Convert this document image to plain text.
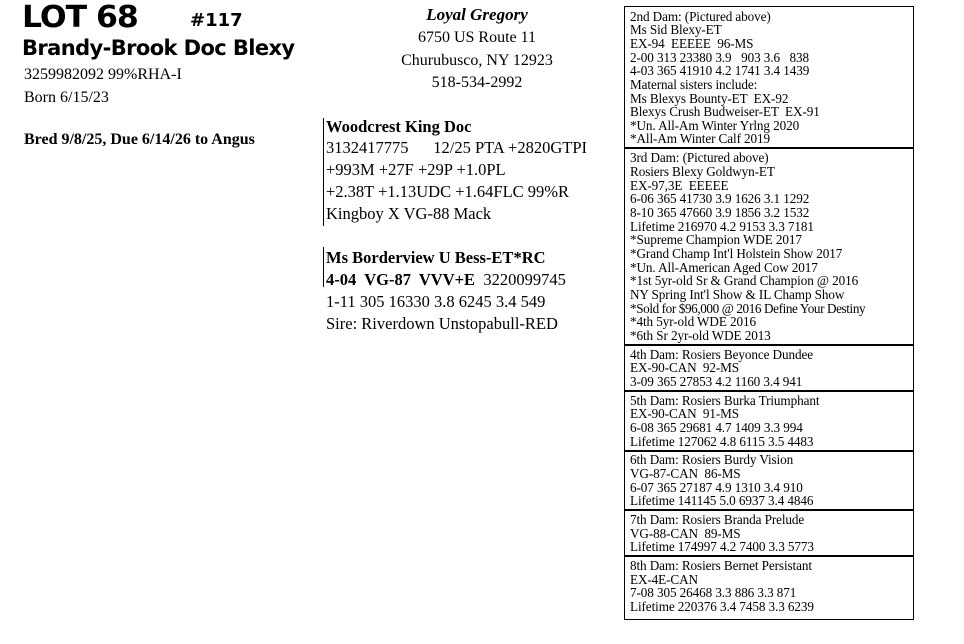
LOT 68	#117
Brandy-Brook Doc Blexy
3259982092 99%RHA-I
Born 6/15/23
Bred 9/8/25, Due 6/14/26 to Angus
Loyal Gregory
6750 US Route 11
Churubusco, NY 12923
518-534-2992
Woodcrest King Doc
3132417775      12/25 PTA +2820GTPI
+993M +27F +29P +1.0PL
+2.38T +1.13UDC +1.64FLC 99%R
Kingboy X VG-88 Mack
Ms Borderview U Bess-ET*RC
4-04  VG-87  VVV+E 3220099745
1-11 305 16330 3.8 6245 3.4 549
Sire: Riverdown Unstopabull-RED
2nd Dam: (Pictured above)
Ms Sid Blexy-ET
EX-94  EEEEE  96-MS
2-00 313 23380 3.9   903 3.6   838
4-03 365 41910 4.2 1741 3.4 1439
Maternal sisters include:
Ms Blexys Bounty-ET  EX-92
Blexys Crush Budweiser-ET  EX-91
*Un. All-Am Winter Yrlng 2020
*All-Am Winter Calf 2019
3rd Dam: (Pictured above)
Rosiers Blexy Goldwyn-ET
EX-97,3E  EEEEE
6-06 365 41730 3.9 1626 3.1 1292
8-10 365 47660 3.9 1856 3.2 1532
Lifetime 216970 4.2 9153 3.3 7181
*Supreme Champion WDE 2017
*Grand Champ Int'l Holstein Show 2017
*Un. All-American Aged Cow 2017
*1st 5yr-old Sr & Grand Champion @ 2016
NY Spring Int'l Show & IL Champ Show
*Sold for $96,000 @ 2016 Define Your Destiny
*4th 5yr-old WDE 2016
*6th Sr 2yr-old WDE 2013
4th Dam: Rosiers Beyonce Dundee
EX-90-CAN  92-MS
3-09 365 27853 4.2 1160 3.4 941
5th Dam: Rosiers Burka Triumphant
EX-90-CAN  91-MS
6-08 365 29681 4.7 1409 3.3 994
Lifetime 127062 4.8 6115 3.5 4483
6th Dam: Rosiers Burdy Vision
VG-87-CAN  86-MS
6-07 365 27187 4.9 1310 3.4 910
Lifetime 141145 5.0 6937 3.4 4846
7th Dam: Rosiers Branda Prelude
VG-88-CAN  89-MS
Lifetime 174997 4.2 7400 3.3 5773
8th Dam: Rosiers Bernet Persistant
EX-4E-CAN
7-08 305 26468 3.3 886 3.3 871
Lifetime 220376 3.4 7458 3.3 6239
